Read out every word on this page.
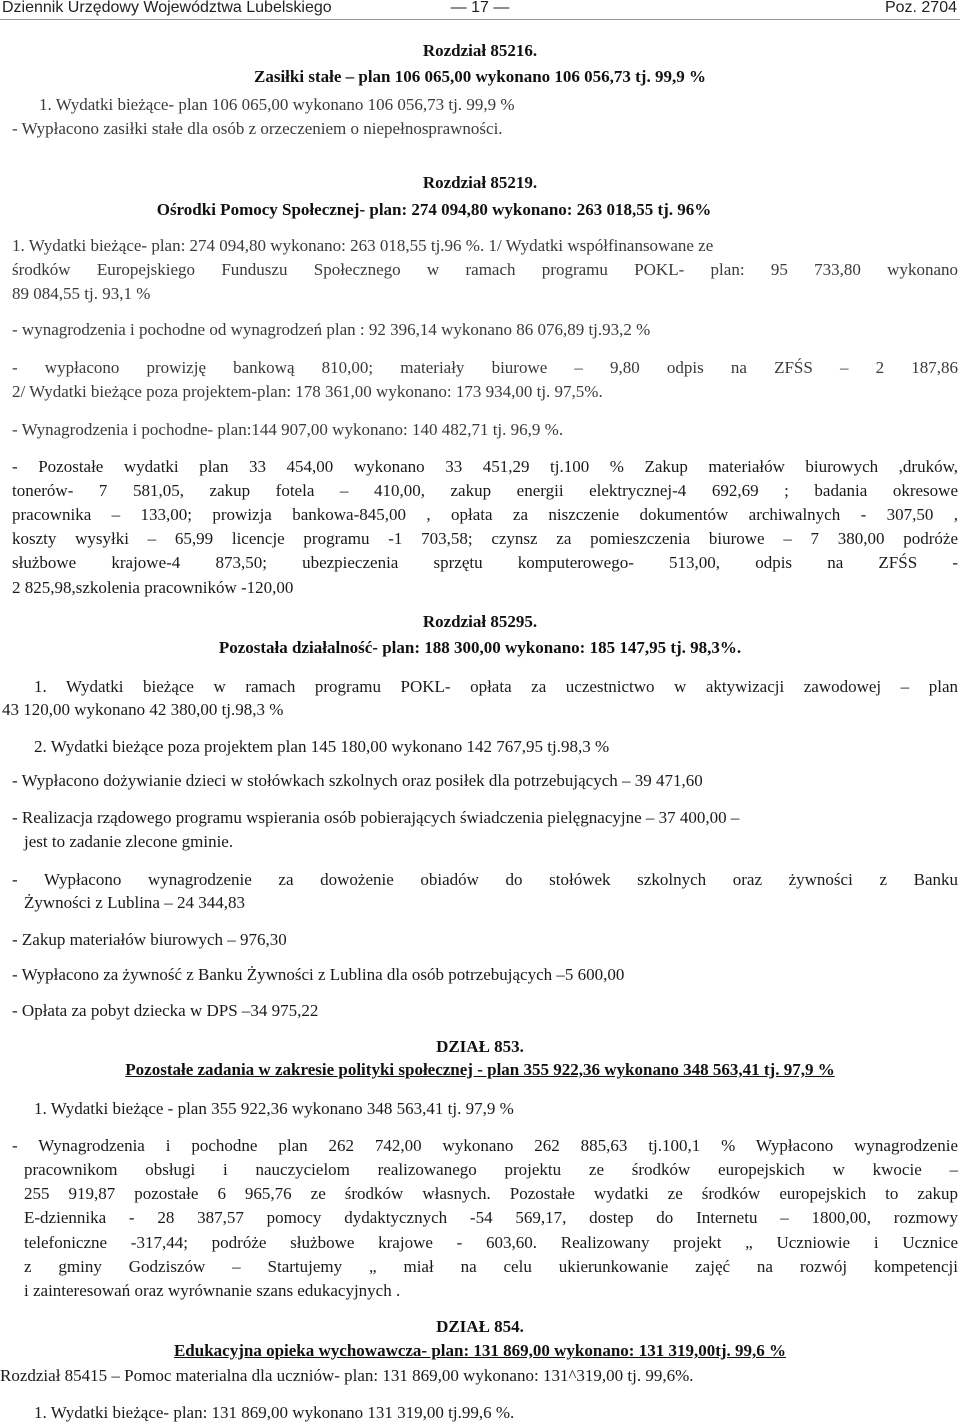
Dziennik Urzędowy Województwa Lubelskiego	— 17 —	Poz. 2704
Rozdział 85216.
Zasiłki stałe – plan 106 065,00 wykonano 106 056,73 tj. 99,9 %
1. Wydatki bieżące- plan 106 065,00 wykonano 106 056,73 tj. 99,9 %
- Wypłacono zasiłki stałe dla osób z orzeczeniem o niepełnosprawności.
Rozdział 85219.
Ośrodki Pomocy Społecznej- plan: 274 094,80 wykonano: 263 018,55 tj. 96%
1. Wydatki bieżące- plan: 274 094,80 wykonano: 263 018,55 tj.96 %. 1/ Wydatki współfinansowane ze
środków Europejskiego Funduszu Społecznego w ramach programu POKL- plan: 95 733,80 wykonano
89 084,55 tj. 93,1 %
- wynagrodzenia i pochodne od wynagrodzeń plan : 92 396,14 wykonano 86 076,89 tj.93,2 %
- wypłacono prowizję bankową 810,00; materiały biurowe – 9,80 odpis na ZFŚS – 2 187,86
2/ Wydatki bieżące poza projektem-plan: 178 361,00 wykonano: 173 934,00 tj. 97,5%.
- Wynagrodzenia i pochodne- plan:144 907,00 wykonano: 140 482,71 tj. 96,9 %.
- Pozostałe wydatki plan 33 454,00 wykonano 33 451,29 tj.100 % Zakup materiałów biurowych ,druków,
tonerów- 7 581,05, zakup fotela – 410,00, zakup energii elektrycznej-4 692,69 ; badania okresowe
pracownika – 133,00; prowizja bankowa-845,00 , opłata za niszczenie dokumentów archiwalnych - 307,50 ,
koszty wysyłki – 65,99 licencje programu -1 703,58; czynsz za pomieszczenia biurowe – 7 380,00 podróże
służbowe krajowe-4 873,50; ubezpieczenia sprzętu komputerowego- 513,00, odpis na ZFŚS -
2 825,98,szkolenia pracowników -120,00
Rozdział 85295.
Pozostała działalność- plan: 188 300,00 wykonano: 185 147,95 tj. 98,3%.
1. Wydatki bieżące w ramach programu POKL- opłata za uczestnictwo w aktywizacji zawodowej – plan
43 120,00 wykonano 42 380,00 tj.98,3 %
2. Wydatki bieżące poza projektem plan 145 180,00 wykonano 142 767,95 tj.98,3 %
- Wypłacono dożywianie dzieci w stołówkach szkolnych oraz posiłek dla potrzebujących – 39 471,60
- Realizacja rządowego programu wspierania osób pobierających świadczenia pielęgnacyjne – 37 400,00 –
jest to zadanie zlecone gminie.
- Wypłacono wynagrodzenie za dowożenie obiadów do stołówek szkolnych oraz żywności z Banku
Żywności z Lublina – 24 344,83
- Zakup materiałów biurowych – 976,30
- Wypłacono za żywność z Banku Żywności z Lublina dla osób potrzebujących –5 600,00
- Opłata za pobyt dziecka w DPS –34 975,22
DZIAŁ 853.
Pozostałe zadania w zakresie polityki społecznej - plan 355 922,36 wykonano 348 563,41 tj. 97,9 %
1. Wydatki bieżące - plan 355 922,36 wykonano 348 563,41 tj. 97,9 %
- Wynagrodzenia i pochodne plan 262 742,00 wykonano 262 885,63 tj.100,1 % Wypłacono wynagrodzenie
pracownikom obsługi i nauczycielom realizowanego projektu ze środków europejskich w kwocie –
255 919,87 pozostałe 6 965,76 ze środków własnych. Pozostałe wydatki ze środków europejskich to zakup
E-dziennika - 28 387,57 pomocy dydaktycznych -54 569,17, dostep do Internetu – 1800,00, rozmowy
telefoniczne -317,44; podróże służbowe krajowe - 603,60. Realizowany projekt „ Uczniowie i Ucznice
z gminy Godziszów – Startujemy „ miał na celu ukierunkowanie zajęć na rozwój kompetencji
i zainteresowań oraz wyrównanie szans edukacyjnych .
DZIAŁ 854.
Edukacyjna opieka wychowawcza- plan: 131 869,00 wykonano: 131 319,00tj. 99,6 %
Rozdział 85415 – Pomoc materialna dla uczniów- plan: 131 869,00 wykonano: 131^319,00 tj. 99,6%.
1. Wydatki bieżące- plan: 131 869,00 wykonano 131 319,00 tj.99,6 %.
